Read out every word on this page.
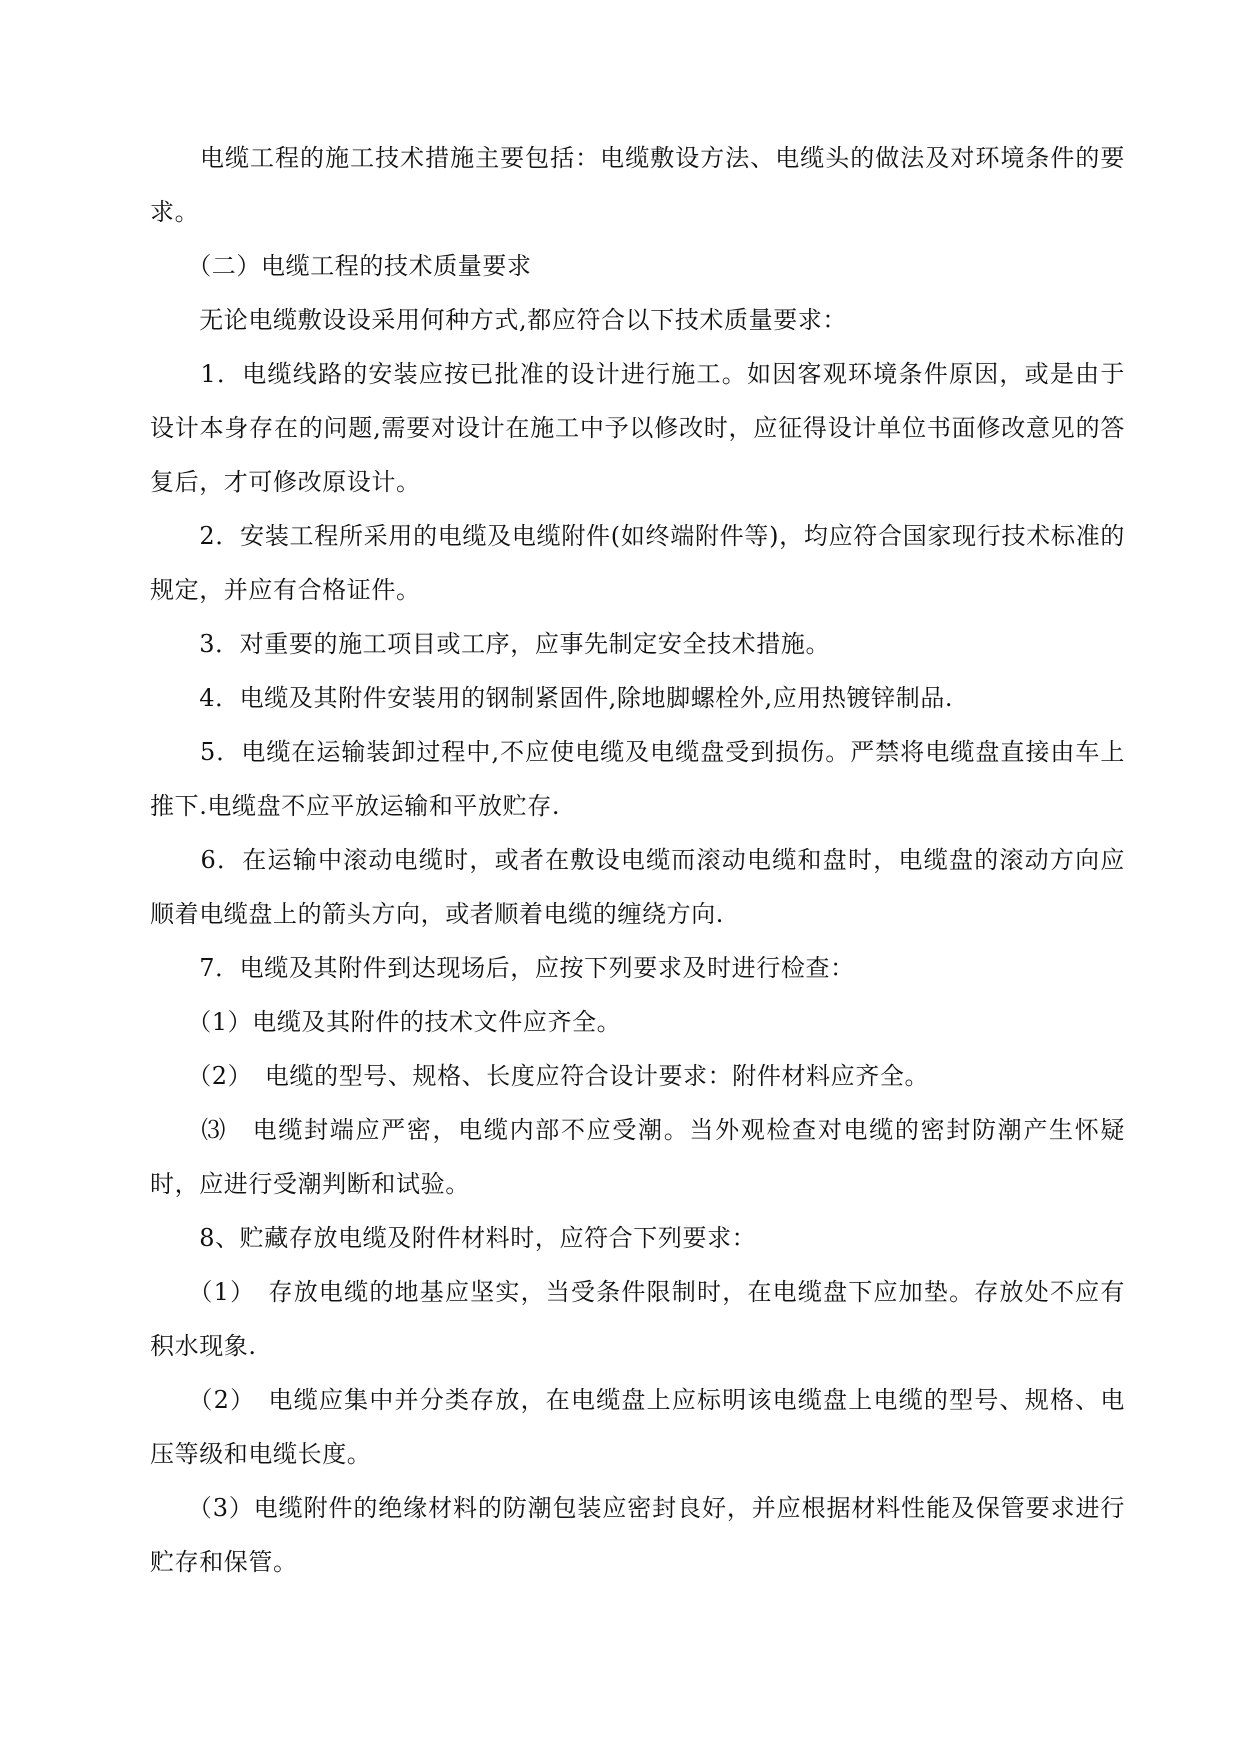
　　电缆工程的施工技术措施主要包括：电缆敷设方法、电缆头的做法及对环境条件的要求。

　　（二）电缆工程的技术质量要求

　　无论电缆敷设设采用何种方式,都应符合以下技术质量要求：

　　1．电缆线路的安装应按已批准的设计进行施工。如因客观环境条件原因，或是由于设计本身存在的问题,需要对设计在施工中予以修改时，应征得设计单位书面修改意见的答复后，才可修改原设计。

　　2．安装工程所采用的电缆及电缆附件(如终端附件等)，均应符合国家现行技术标准的规定，并应有合格证件。

　　3．对重要的施工项目或工序，应事先制定安全技术措施。

　　4．电缆及其附件安装用的钢制紧固件,除地脚螺栓外,应用热镀锌制品.

　　5．电缆在运输装卸过程中,不应使电缆及电缆盘受到损伤。严禁将电缆盘直接由车上推下.电缆盘不应平放运输和平放贮存.

　　6．在运输中滚动电缆时，或者在敷设电缆而滚动电缆和盘时，电缆盘的滚动方向应顺着电缆盘上的箭头方向，或者顺着电缆的缠绕方向.

　　7．电缆及其附件到达现场后，应按下列要求及时进行检查：

　　（1）电缆及其附件的技术文件应齐全。

　　（2）　电缆的型号、规格、长度应符合设计要求：附件材料应齐全。

　　⑶　电缆封端应严密，电缆内部不应受潮。当外观检查对电缆的密封防潮产生怀疑时，应进行受潮判断和试验。

　　8、贮藏存放电缆及附件材料时，应符合下列要求：

　　（1）　存放电缆的地基应坚实，当受条件限制时，在电缆盘下应加垫。存放处不应有积水现象.

　　（2）　电缆应集中并分类存放，在电缆盘上应标明该电缆盘上电缆的型号、规格、电压等级和电缆长度。

　　（3）电缆附件的绝缘材料的防潮包装应密封良好，并应根据材料性能及保管要求进行贮存和保管。
